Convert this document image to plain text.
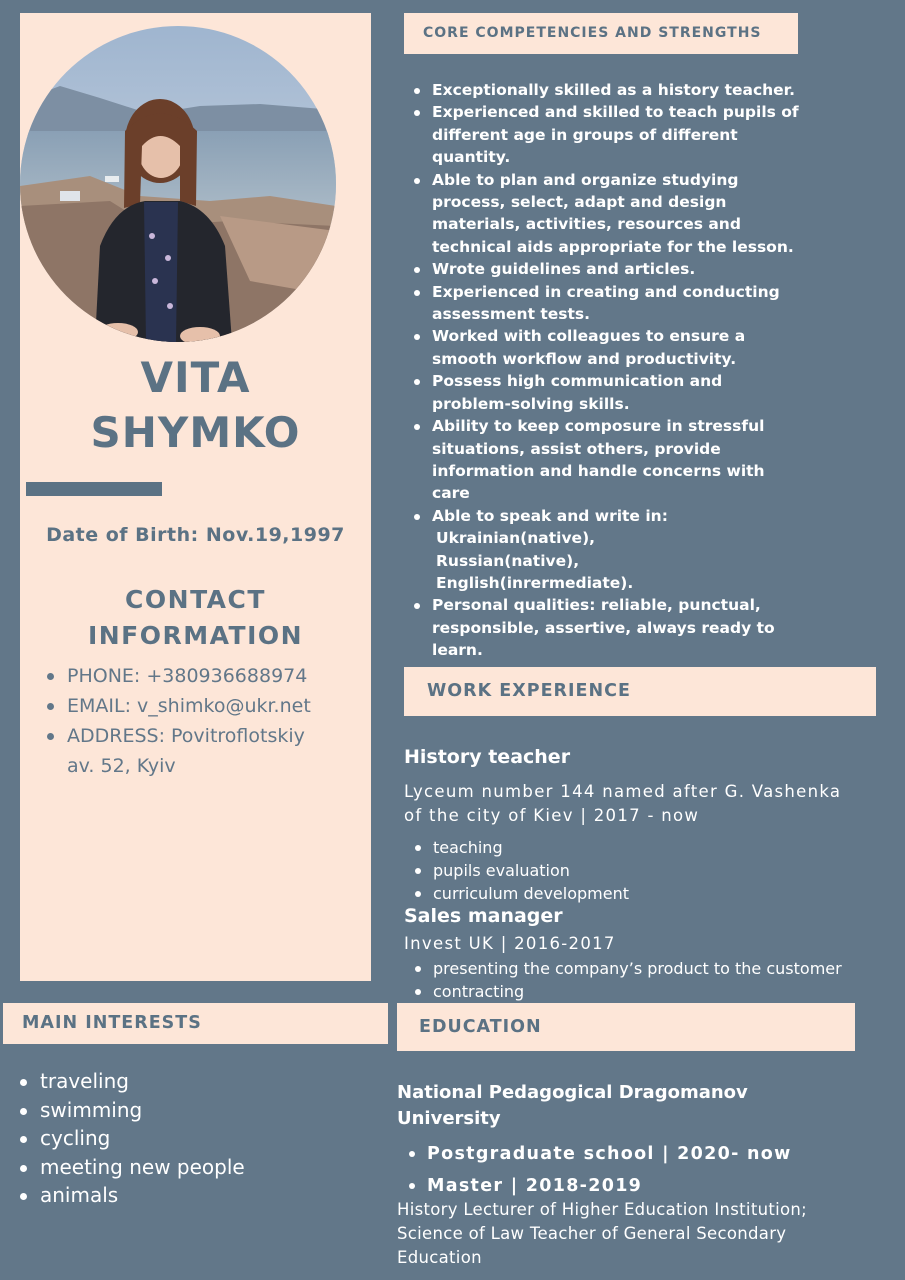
VITA
SHYMKO
Date of Birth: Nov.19,1997
CONTACT
INFORMATION
PHONE: +380936688974
EMAIL: v_shimko@ukr.net
ADDRESS: Povitroflotskiy
av. 52, Kyiv
CORE COMPETENCIES AND STRENGTHS
Exceptionally skilled as a history teacher.
Experienced and skilled to teach pupils of
different age in groups of different
quantity.
Able to plan and organize studying
process, select, adapt and design
materials, activities, resources and
technical aids appropriate for the lesson.
Wrote guidelines and articles.
Experienced in creating and conducting
assessment tests.
Worked with colleagues to ensure a
smooth workflow and productivity.
Possess high communication and
problem-solving skills.
Ability to keep composure in stressful
situations, assist others, provide
information and handle concerns with
care
Able to speak and write in:

Ukrainian(native),
Russian(native),
English(inrermediate).
Personal qualities: reliable, punctual,
responsible, assertive, always ready to
learn.
WORK EXPERIENCE
History teacher
Lyceum number 144 named after G. Vashenka
of the city of Kiev | 2017 - now
teaching
pupils evaluation
curriculum development
Sales manager
Invest UK | 2016-2017
presenting the company’s product to the customer
contracting
MAIN INTERESTS
traveling
swimming
cycling
meeting new people
animals
EDUCATION
National Pedagogical Dragomanov
University
Postgraduate school | 2020- now
Master | 2018-2019
History Lecturer of Higher Education Institution;
Science of Law Teacher of General Secondary
Education
